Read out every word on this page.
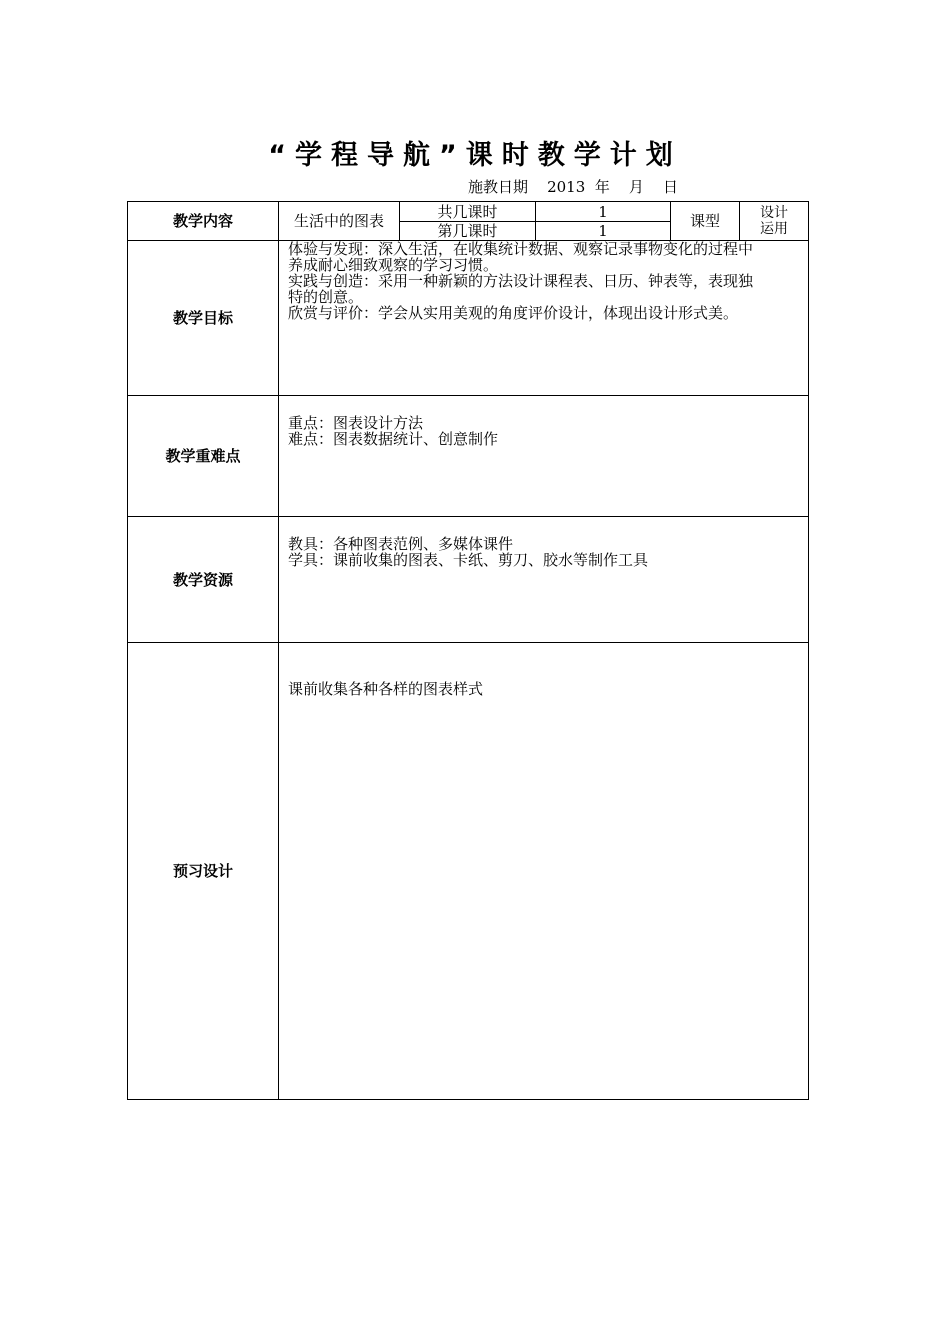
“学程导航”课时教学计划
施教日期 2013 年 月 日
教学内容	生活中的图表	共几课时	1	课型	设计
运用

		第几课时	1		
教学目标	体验与发现：深入生活，在收集统计数据、观察记录事物变化的过程中
养成耐心细致观察的学习习惯。
实践与创造：采用一种新颖的方法设计课程表、日历、钟表等，表现独
特的创意。
欣赏与评价：学会从实用美观的角度评价设计，体现出设计形式美。				

教学重难点	重点：图表设计方法
难点：图表数据统计、创意制作				

教学资源	教具：各种图表范例、多媒体课件
学具：课前收集的图表、卡纸、剪刀、胶水等制作工具				

预习设计	课前收集各种各样的图表样式				
